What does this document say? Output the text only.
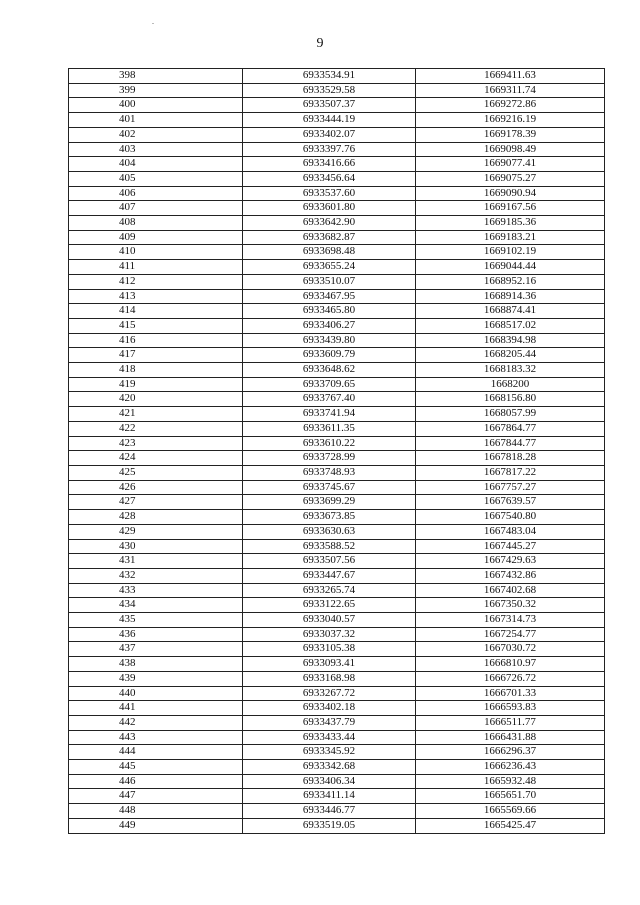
9
398	6933534.91	1669411.63
399	6933529.58	1669311.74
400	6933507.37	1669272.86
401	6933444.19	1669216.19
402	6933402.07	1669178.39
403	6933397.76	1669098.49
404	6933416.66	1669077.41
405	6933456.64	1669075.27
406	6933537.60	1669090.94
407	6933601.80	1669167.56
408	6933642.90	1669185.36
409	6933682.87	1669183.21
410	6933698.48	1669102.19
411	6933655.24	1669044.44
412	6933510.07	1668952.16
413	6933467.95	1668914.36
414	6933465.80	1668874.41
415	6933406.27	1668517.02
416	6933439.80	1668394.98
417	6933609.79	1668205.44
418	6933648.62	1668183.32
419	6933709.65	1668200
420	6933767.40	1668156.80
421	6933741.94	1668057.99
422	6933611.35	1667864.77
423	6933610.22	1667844.77
424	6933728.99	1667818.28
425	6933748.93	1667817.22
426	6933745.67	1667757.27
427	6933699.29	1667639.57
428	6933673.85	1667540.80
429	6933630.63	1667483.04
430	6933588.52	1667445.27
431	6933507.56	1667429.63
432	6933447.67	1667432.86
433	6933265.74	1667402.68
434	6933122.65	1667350.32
435	6933040.57	1667314.73
436	6933037.32	1667254.77
437	6933105.38	1667030.72
438	6933093.41	1666810.97
439	6933168.98	1666726.72
440	6933267.72	1666701.33
441	6933402.18	1666593.83
442	6933437.79	1666511.77
443	6933433.44	1666431.88
444	6933345.92	1666296.37
445	6933342.68	1666236.43
446	6933406.34	1665932.48
447	6933411.14	1665651.70
448	6933446.77	1665569.66
449	6933519.05	1665425.47
